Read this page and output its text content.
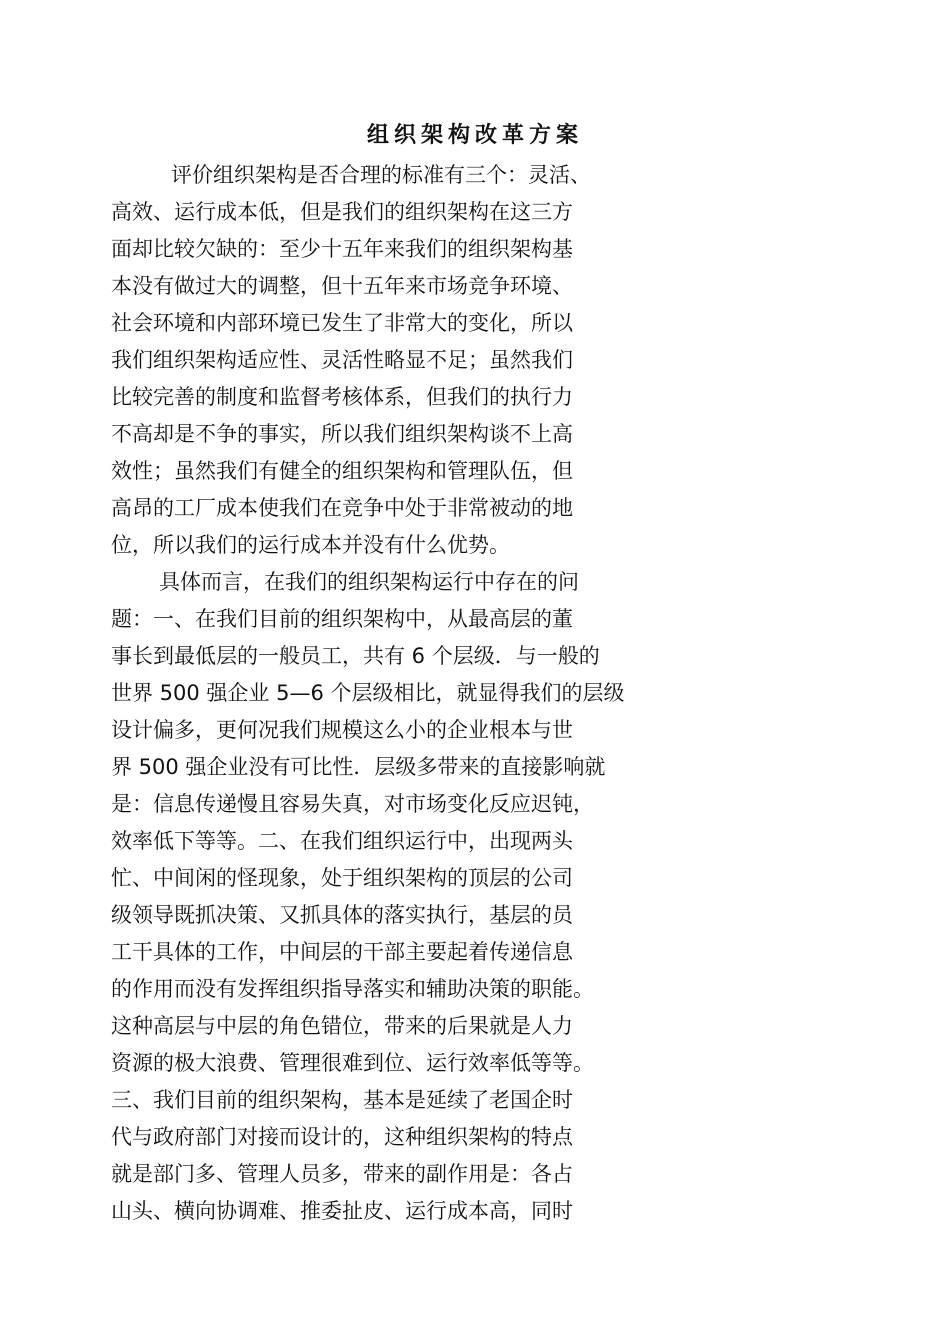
组织架构改革方案
评价组织架构是否合理的标准有三个：灵活、
高效、运行成本低，但是我们的组织架构在这三方
面却比较欠缺的：至少十五年来我们的组织架构基
本没有做过大的调整，但十五年来市场竞争环境、
社会环境和内部环境已发生了非常大的变化，所以
我们组织架构适应性、灵活性略显不足；虽然我们
比较完善的制度和监督考核体系，但我们的执行力
不高却是不争的事实，所以我们组织架构谈不上高
效性；虽然我们有健全的组织架构和管理队伍，但
高昂的工厂成本使我们在竞争中处于非常被动的地
位，所以我们的运行成本并没有什么优势。
具体而言，在我们的组织架构运行中存在的问
题：一、在我们目前的组织架构中，从最高层的董
事长到最低层的一般员工，共有 6 个层级．与一般的
世界 500 强企业 5—6 个层级相比，就显得我们的层级
设计偏多，更何况我们规模这么小的企业根本与世
界 500 强企业没有可比性．层级多带来的直接影响就
是：信息传递慢且容易失真，对市场变化反应迟钝，
效率低下等等。二、在我们组织运行中，出现两头
忙、中间闲的怪现象，处于组织架构的顶层的公司
级领导既抓决策、又抓具体的落实执行，基层的员
工干具体的工作，中间层的干部主要起着传递信息
的作用而没有发挥组织指导落实和辅助决策的职能。
这种高层与中层的角色错位，带来的后果就是人力
资源的极大浪费、管理很难到位、运行效率低等等。
三、我们目前的组织架构，基本是延续了老国企时
代与政府部门对接而设计的，这种组织架构的特点
就是部门多、管理人员多，带来的副作用是：各占
山头、横向协调难、推委扯皮、运行成本高，同时
